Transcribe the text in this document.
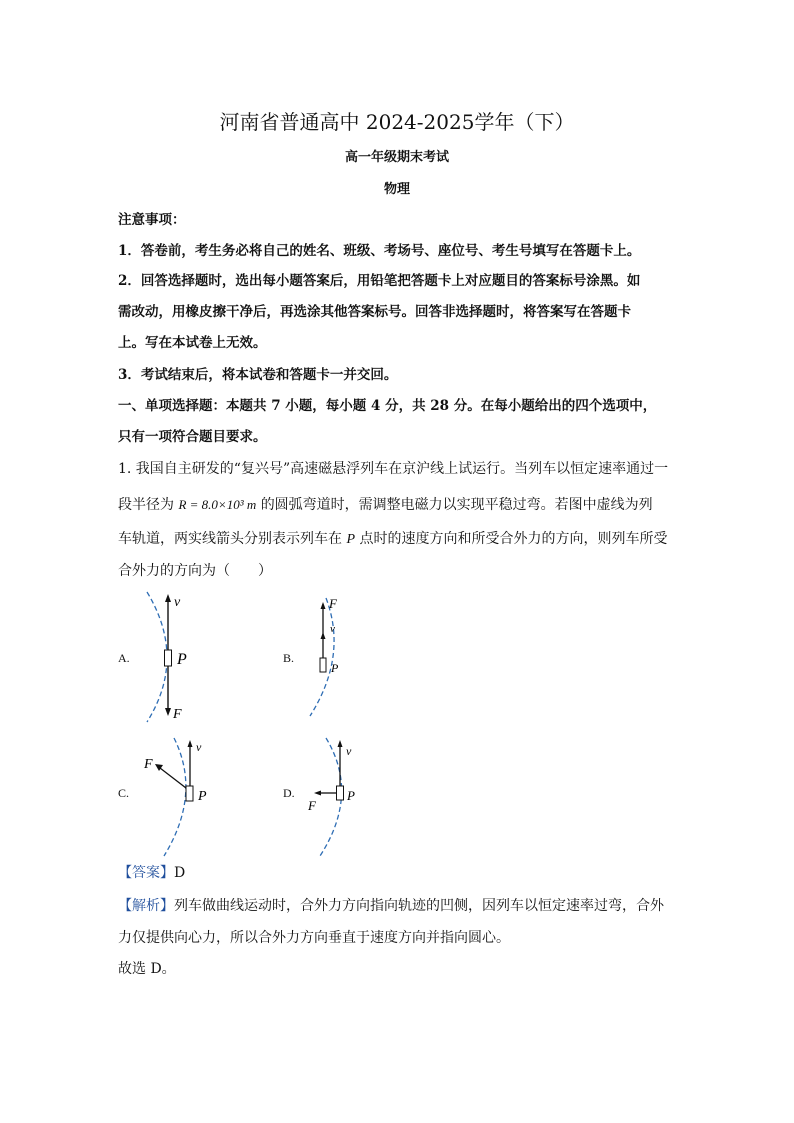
河南省普通高中 2024-2025学年（下）
高一年级期末考试
物理
注意事项：
1．答卷前，考生务必将自己的姓名、班级、考场号、座位号、考生号填写在答题卡上。
2．回答选择题时，选出每小题答案后，用铅笔把答题卡上对应题目的答案标号涂黑。如
需改动，用橡皮擦干净后，再选涂其他答案标号。回答非选择题时，将答案写在答题卡
上。写在本试卷上无效。
3．考试结束后，将本试卷和答题卡一并交回。
一、单项选择题：本题共 7 小题，每小题 4 分，共 28 分。在每小题给出的四个选项中，
只有一项符合题目要求。
1. 我国自主研发的“复兴号”高速磁悬浮列车在京沪线上试运行。当列车以恒定速率通过一
段半径为 R = 8.0×10³ m 的圆弧弯道时，需调整电磁力以实现平稳过弯。若图中虚线为列
车轨道，两实线箭头分别表示列车在 P 点时的速度方向和所受合外力的方向，则列车所受
合外力的方向为（　　）
A.
v
P
F
B.
F
v
P
C.
v
F
P	D.
v
F
P
【答案】D
【解析】列车做曲线运动时，合外力方向指向轨迹的凹侧，因列车以恒定速率过弯，合外
力仅提供向心力，所以合外力方向垂直于速度方向并指向圆心。
故选 D。
